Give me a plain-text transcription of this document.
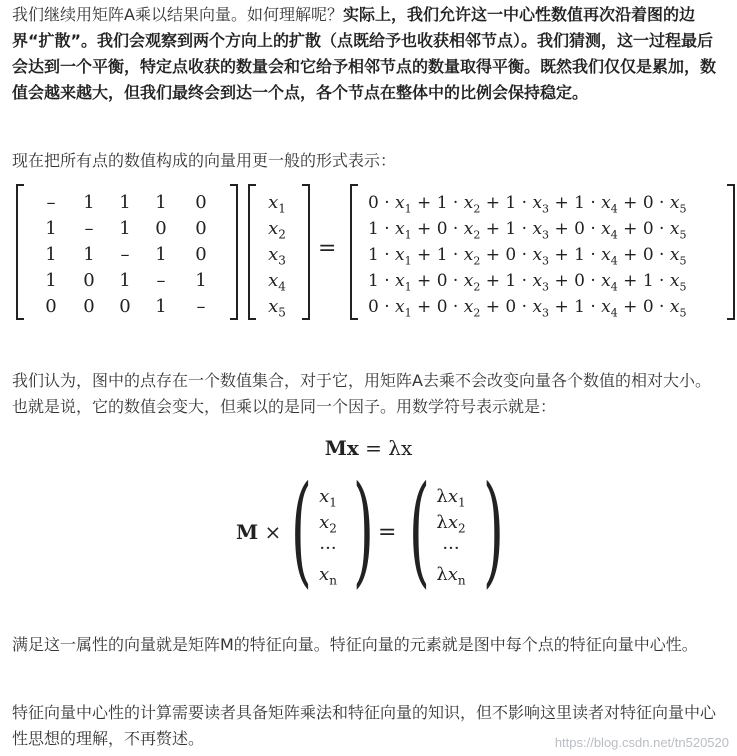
我们继续用矩阵A乘以结果向量。如何理解呢？实际上，我们允许这一中心性数值再次沿着图的边界“扩散”。我们会观察到两个方向上的扩散（点既给予也收获相邻节点）。我们猜测，这一过程最后会达到一个平衡，特定点收获的数量会和它给予相邻节点的数量取得平衡。既然我们仅仅是累加，数值会越来越大，但我们最终会到达一个点，各个节点在整体中的比例会保持稳定。

现在把所有点的数值构成的向量用更一般的形式表示：

–	1	1	1	0
1	–	1	0	0
1	1	–	1	0
1	0	1	–	1
0	0	0	1	–
$x_1$
$x_2$
$x_3$
$x_4$
$x_5$
=
$0 \cdot x_1 + 1 \cdot x_2 + 1 \cdot x_3 + 1 \cdot x_4 + 0 \cdot x_5$
$1 \cdot x_1 + 0 \cdot x_2 + 1 \cdot x_3 + 0 \cdot x_4 + 0 \cdot x_5$
$1 \cdot x_1 + 1 \cdot x_2 + 0 \cdot x_3 + 1 \cdot x_4 + 0 \cdot x_5$
$1 \cdot x_1 + 0 \cdot x_2 + 1 \cdot x_3 + 0 \cdot x_4 + 1 \cdot x_5$
$0 \cdot x_1 + 0 \cdot x_2 + 0 \cdot x_3 + 1 \cdot x_4 + 0 \cdot x_5$

我们认为，图中的点存在一个数值集合，对于它，用矩阵A去乘不会改变向量各个数值的相对大小。也就是说，它的数值会变大，但乘以的是同一个因子。用数学符号表示就是：

Mx = λx
M × ( )
$x_1$
$x_2$
···
$x_n$
= ( )
$\lambda x_1$
$\lambda x_2$
···
$\lambda x_n$

满足这一属性的向量就是矩阵M的特征向量。特征向量的元素就是图中每个点的特征向量中心性。

特征向量中心性的计算需要读者具备矩阵乘法和特征向量的知识，但不影响这里读者对特征向量中心性思想的理解，不再赘述。	https://blog.csdn.net/tn520520
